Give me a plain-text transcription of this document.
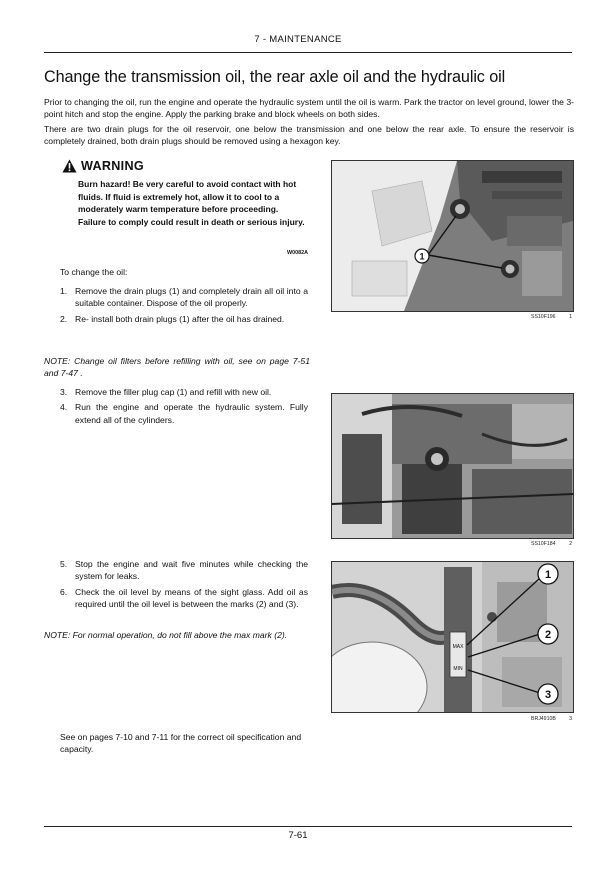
7 - MAINTENANCE
Change the transmission oil, the rear axle oil and the hydraulic oil
Prior to changing the oil, run the engine and operate the hydraulic system until the oil is warm. Park the tractor on level ground, lower the 3- point hitch and stop the engine. Apply the parking brake and block wheels on both sides.
There are two drain plugs for the oil reservoir, one below the transmission and one below the rear axle. To ensure the reservoir is completely drained, both drain plugs should be removed using a hexagon key.
WARNING
Burn hazard! Be very careful to avoid contact with hot fluids. If fluid is extremely hot, allow it to cool to a moderately warm temperature before proceeding. Failure to comply could result in death or serious injury.
W0082A
To change the oil:
1. Remove the drain plugs (1) and completely drain all oil into a suitable container. Dispose of the oil properly.
2. Re- install both drain plugs (1) after the oil has drained.
NOTE: Change oil filters before refilling with oil, see on page 7-51 and 7-47 .
3. Remove the filler plug cap (1) and refill with new oil.
4. Run the engine and operate the hydraulic system. Fully extend all of the cylinders.
5. Stop the engine and wait five minutes while checking the system for leaks.
6. Check the oil level by means of the sight glass. Add oil as required until the oil level is between the marks (2) and (3).
NOTE: For normal operation, do not fill above the max mark (2).
See on pages 7-10 and 7-11 for the correct oil specification and capacity.
1
SS10F196	1
SS10F184	2
MAX
MIN
1
2
3
BRJ4910B	3
7-61
